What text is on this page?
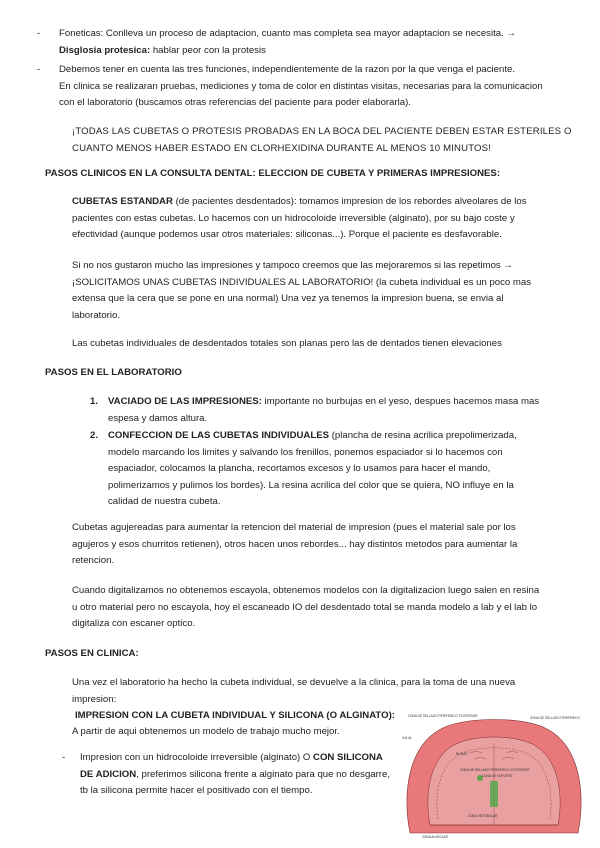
- Foneticas: Conlleva un proceso de adaptacion, cuanto mas completa sea mayor adaptacion se necesita. →
Disglosia protesica: hablar peor con la protesis
- Debemos tener en cuenta las tres funciones, independientemente de la razon por la que venga el paciente.
En clinica se realizaran pruebas, mediciones y toma de color en distintas visitas, necesarias para la comunicacion
con el laboratorio (buscamos otras referencias del paciente para poder elaborarla).
¡TODAS LAS CUBETAS O PROTESIS PROBADAS EN LA BOCA DEL PACIENTE DEBEN ESTAR ESTERILES O
CUANTO MENOS HABER ESTADO EN CLORHEXIDINA DURANTE AL MENOS 10 MINUTOS!
PASOS CLINICOS EN LA CONSULTA DENTAL: ELECCION DE CUBETA Y PRIMERAS IMPRESIONES:
CUBETAS ESTANDAR (de pacientes desdentados): tomamos impresion de los rebordes alveolares de los
pacientes con estas cubetas. Lo hacemos con un hidrocoloide irreversible (alginato), por su bajo coste y
efectividad (aunque podemos usar otros materiales: siliconas...). Porque el paciente es desfavorable.
Si no nos gustaron mucho las impresiones y tampoco creemos que las mejoraremos si las repetimos →
¡SOLICITAMOS UNAS CUBETAS INDIVIDUALES AL LABORATORIO! (la cubeta individual es un poco mas
extensa que la cera que se pone en una normal) Una vez ya tenemos la impresion buena, se envia al
laboratorio.
Las cubetas individuales de desdentados totales son planas pero las de dentados tienen elevaciones
PASOS EN EL LABORATORIO
1. VACIADO DE LAS IMPRESIONES: importante no burbujas en el yeso, despues hacemos masa mas
espesa y damos altura.
2. CONFECCION DE LAS CUBETAS INDIVIDUALES (plancha de resina acrilica prepolimerizada,
modelo marcando los limites y salvando los frenillos, ponemos espaciador si lo hacemos con
espaciador, colocamos la plancha, recortamos excesos y lo usamos para hacer el mando,
polimerizamos y pulimos los bordes). La resina acrilica del color que se quiera, NO influye en la
calidad de nuestra cubeta.
Cubetas agujereadas para aumentar la retencion del material de impresion (pues el material sale por los
agujeros y esos churritos retienen), otros hacen unos rebordes... hay distintos metodos para aumentar la
retencion.
Cuando digitalizamos no obtenemos escayola, obtenemos modelos con la digitalizacion luego salen en resina
u otro material pero no escayola, hoy el escaneado IO del desdentado total se manda modelo a lab y el lab lo
digitaliza con escaner optico.
PASOS EN CLINICA:
Una vez el laboratorio ha hecho la cubeta individual, se devuelve a la clinica, para la toma de una nueva
impresion:
IMPRESION CON LA CUBETA INDIVIDUAL Y SILICONA (O ALGINATO):
A partir de aqui obtenemos un modelo de trabajo mucho mejor.
- Impresion con un hidrocoloide irreversible (alginato) O CON SILICONA
DE ADICION, preferimos silicona frente a alginato para que no desgarre,
tb la silicona permite hacer el positivado con el tiempo.
ZONA DE SELLADO PERIFERICO POSTERIOR	ZONA DE SELLADO PERIFERICO
VULAL
RUGAS
ZONA DE SELLADO PERIFERICO POSTERIOR
ZONA DE SOPORTE
ZONA VESTIBULAR
ZONA ALVEOLAR
